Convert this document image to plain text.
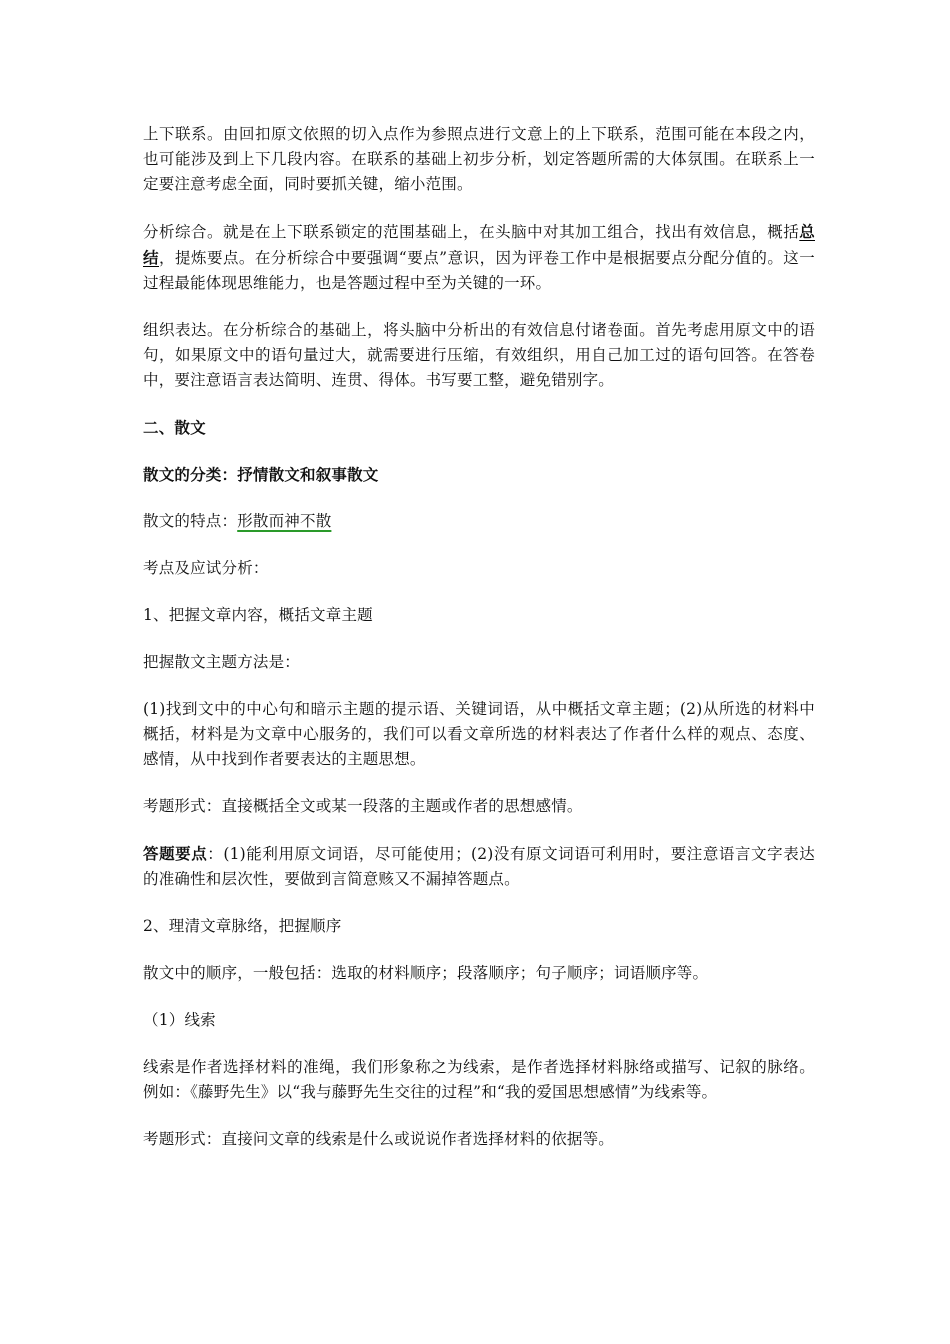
上下联系。由回扣原文依照的切入点作为参照点进行文意上的上下联系，范围可能在本段之内，也可能涉及到上下几段内容。在联系的基础上初步分析，划定答题所需的大体氛围。在联系上一定要注意考虑全面，同时要抓关键，缩小范围。

分析综合。就是在上下联系锁定的范围基础上，在头脑中对其加工组合，找出有效信息，概括总结，提炼要点。在分析综合中要强调“要点”意识，因为评卷工作中是根据要点分配分值的。这一过程最能体现思维能力，也是答题过程中至为关键的一环。

组织表达。在分析综合的基础上，将头脑中分析出的有效信息付诸卷面。首先考虑用原文中的语句，如果原文中的语句量过大，就需要进行压缩，有效组织，用自己加工过的语句回答。在答卷中，要注意语言表达简明、连贯、得体。书写要工整，避免错别字。

二、散文

散文的分类：抒情散文和叙事散文

散文的特点：形散而神不散

考点及应试分析：

1、把握文章内容，概括文章主题

把握散文主题方法是：

(1)找到文中的中心句和暗示主题的提示语、关键词语，从中概括文章主题；(2)从所选的材料中概括，材料是为文章中心服务的，我们可以看文章所选的材料表达了作者什么样的观点、态度、感情，从中找到作者要表达的主题思想。

考题形式：直接概括全文或某一段落的主题或作者的思想感情。

答题要点：(1)能利用原文词语，尽可能使用；(2)没有原文词语可利用时，要注意语言文字表达的准确性和层次性，要做到言简意赅又不漏掉答题点。

2、理清文章脉络，把握顺序

散文中的顺序，一般包括：选取的材料顺序；段落顺序；句子顺序；词语顺序等。

（1）线索

线索是作者选择材料的准绳，我们形象称之为线索，是作者选择材料脉络或描写、记叙的脉络。例如：《藤野先生》以“我与藤野先生交往的过程”和“我的爱国思想感情”为线索等。

考题形式：直接问文章的线索是什么或说说作者选择材料的依据等。
